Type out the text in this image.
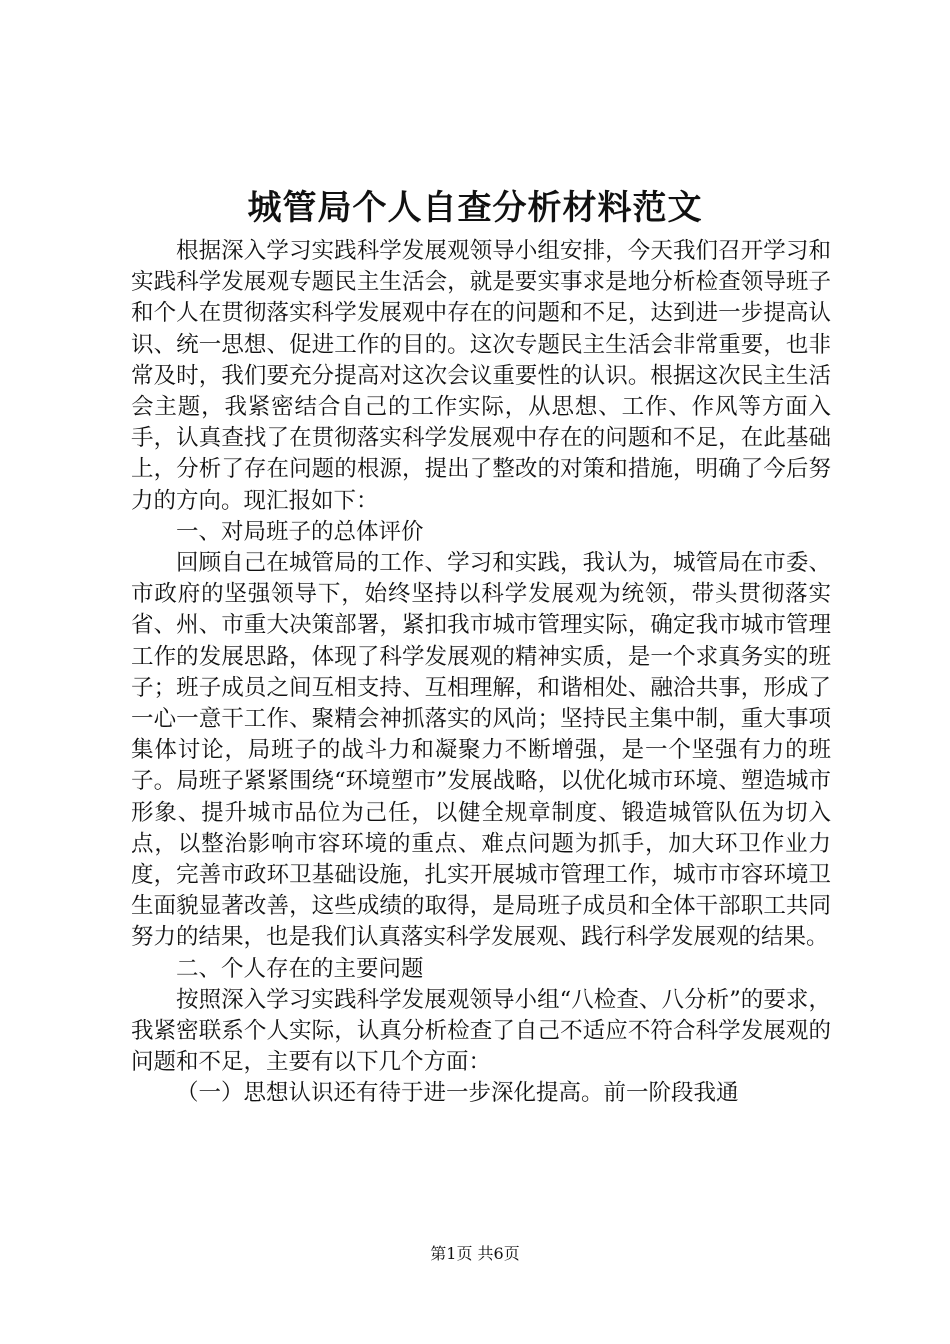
城管局个人自查分析材料范文

根据深入学习实践科学发展观领导小组安排，今天我们召开学习和实践科学发展观专题民主生活会，就是要实事求是地分析检查领导班子和个人在贯彻落实科学发展观中存在的问题和不足，达到进一步提高认识、统一思想、促进工作的目的。这次专题民主生活会非常重要，也非常及时，我们要充分提高对这次会议重要性的认识。根据这次民主生活会主题，我紧密结合自己的工作实际，从思想、工作、作风等方面入手，认真查找了在贯彻落实科学发展观中存在的问题和不足，在此基础上，分析了存在问题的根源，提出了整改的对策和措施，明确了今后努力的方向。现汇报如下：

一、对局班子的总体评价

回顾自己在城管局的工作、学习和实践，我认为，城管局在市委、市政府的坚强领导下，始终坚持以科学发展观为统领，带头贯彻落实省、州、市重大决策部署，紧扣我市城市管理实际，确定我市城市管理工作的发展思路，体现了科学发展观的精神实质，是一个求真务实的班子；班子成员之间互相支持、互相理解，和谐相处、融洽共事，形成了一心一意干工作、聚精会神抓落实的风尚；坚持民主集中制，重大事项集体讨论，局班子的战斗力和凝聚力不断增强，是一个坚强有力的班子。局班子紧紧围绕“环境塑市”发展战略，以优化城市环境、塑造城市形象、提升城市品位为己任，以健全规章制度、锻造城管队伍为切入点，以整治影响市容环境的重点、难点问题为抓手，加大环卫作业力度，完善市政环卫基础设施，扎实开展城市管理工作，城市市容环境卫生面貌显著改善，这些成绩的取得，是局班子成员和全体干部职工共同努力的结果，也是我们认真落实科学发展观、践行科学发展观的结果。

二、个人存在的主要问题

按照深入学习实践科学发展观领导小组“八检查、八分析”的要求，我紧密联系个人实际，认真分析检查了自己不适应不符合科学发展观的问题和不足，主要有以下几个方面：

（一）思想认识还有待于进一步深化提高。前一阶段我通

第1页 共6页
